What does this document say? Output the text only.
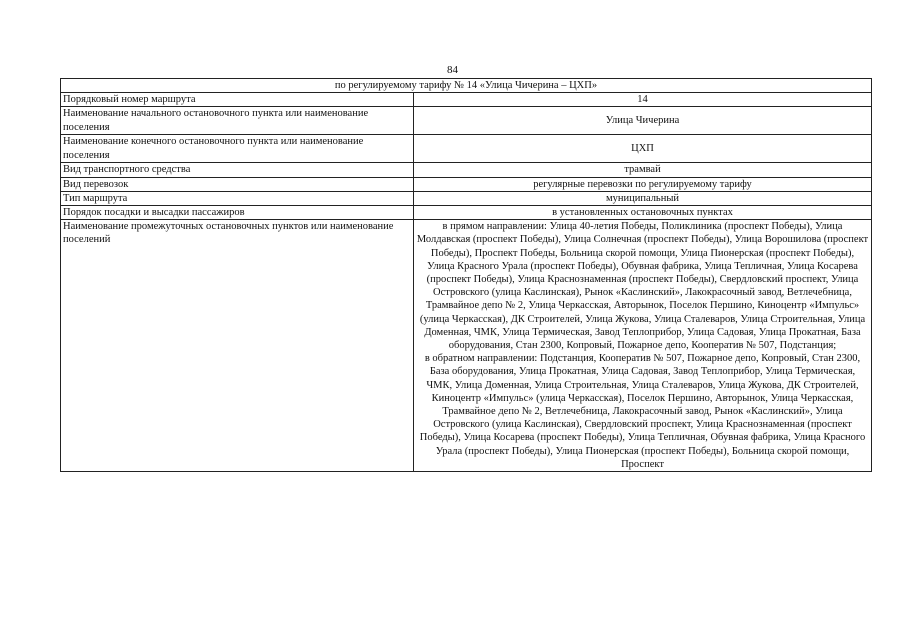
84
по регулируемому тарифу № 14 «Улица Чичерина – ЦХП»	
Порядковый номер маршрута	14
Наименование начального остановочного пункта или наименование поселения	Улица Чичерина
Наименование конечного остановочного пункта или наименование поселения	ЦХП
Вид транспортного средства	трамвай
Вид перевозок	регулярные перевозки по регулируемому тарифу
Тип маршрута	муниципальный
Порядок посадки и высадки пассажиров	в установленных остановочных пунктах
Наименование промежуточных остановочных пунктов или наименование поселений	в прямом направлении: Улица 40-летия Победы, Поликлиника (проспект Победы), Улица Молдавская (проспект Победы), Улица Солнечная (проспект Победы), Улица Ворошилова (проспект Победы), Проспект Победы, Больница скорой помощи, Улица Пионерская (проспект Победы), Улица Красного Урала (проспект Победы), Обувная фабрика, Улица Тепличная, Улица Косарева (проспект Победы), Улица Краснознаменная (проспект Победы), Свердловский проспект, Улица Островского (улица Каслинская), Рынок «Каслинский», Лакокрасочный завод, Ветлечебница, Трамвайное депо № 2, Улица Черкасская, Авторынок, Поселок Першино, Киноцентр «Импульс» (улица Черкасская), ДК Строителей, Улица Жукова, Улица Сталеваров, Улица Строительная, Улица Доменная, ЧМК, Улица Термическая, Завод Теплоприбор, Улица Садовая, Улица Прокатная, База оборудования, Стан 2300, Копровый, Пожарное депо, Кооператив № 507, Подстанция;

в обратном направлении: Подстанция, Кооператив № 507, Пожарное депо, Копровый, Стан 2300, База оборудования, Улица Прокатная, Улица Садовая, Завод Теплоприбор, Улица Термическая, ЧМК, Улица Доменная, Улица Строительная, Улица Сталеваров, Улица Жукова, ДК Строителей, Киноцентр «Импульс» (улица Черкасская), Поселок Першино, Авторынок, Улица Черкасская, Трамвайное депо № 2, Ветлечебница, Лакокрасочный завод, Рынок «Каслинский», Улица Островского (улица Каслинская), Свердловский проспект, Улица Краснознаменная (проспект Победы), Улица Косарева (проспект Победы), Улица Тепличная, Обувная фабрика, Улица Красного Урала (проспект Победы), Улица Пионерская (проспект Победы), Больница скорой помощи, Проспект
